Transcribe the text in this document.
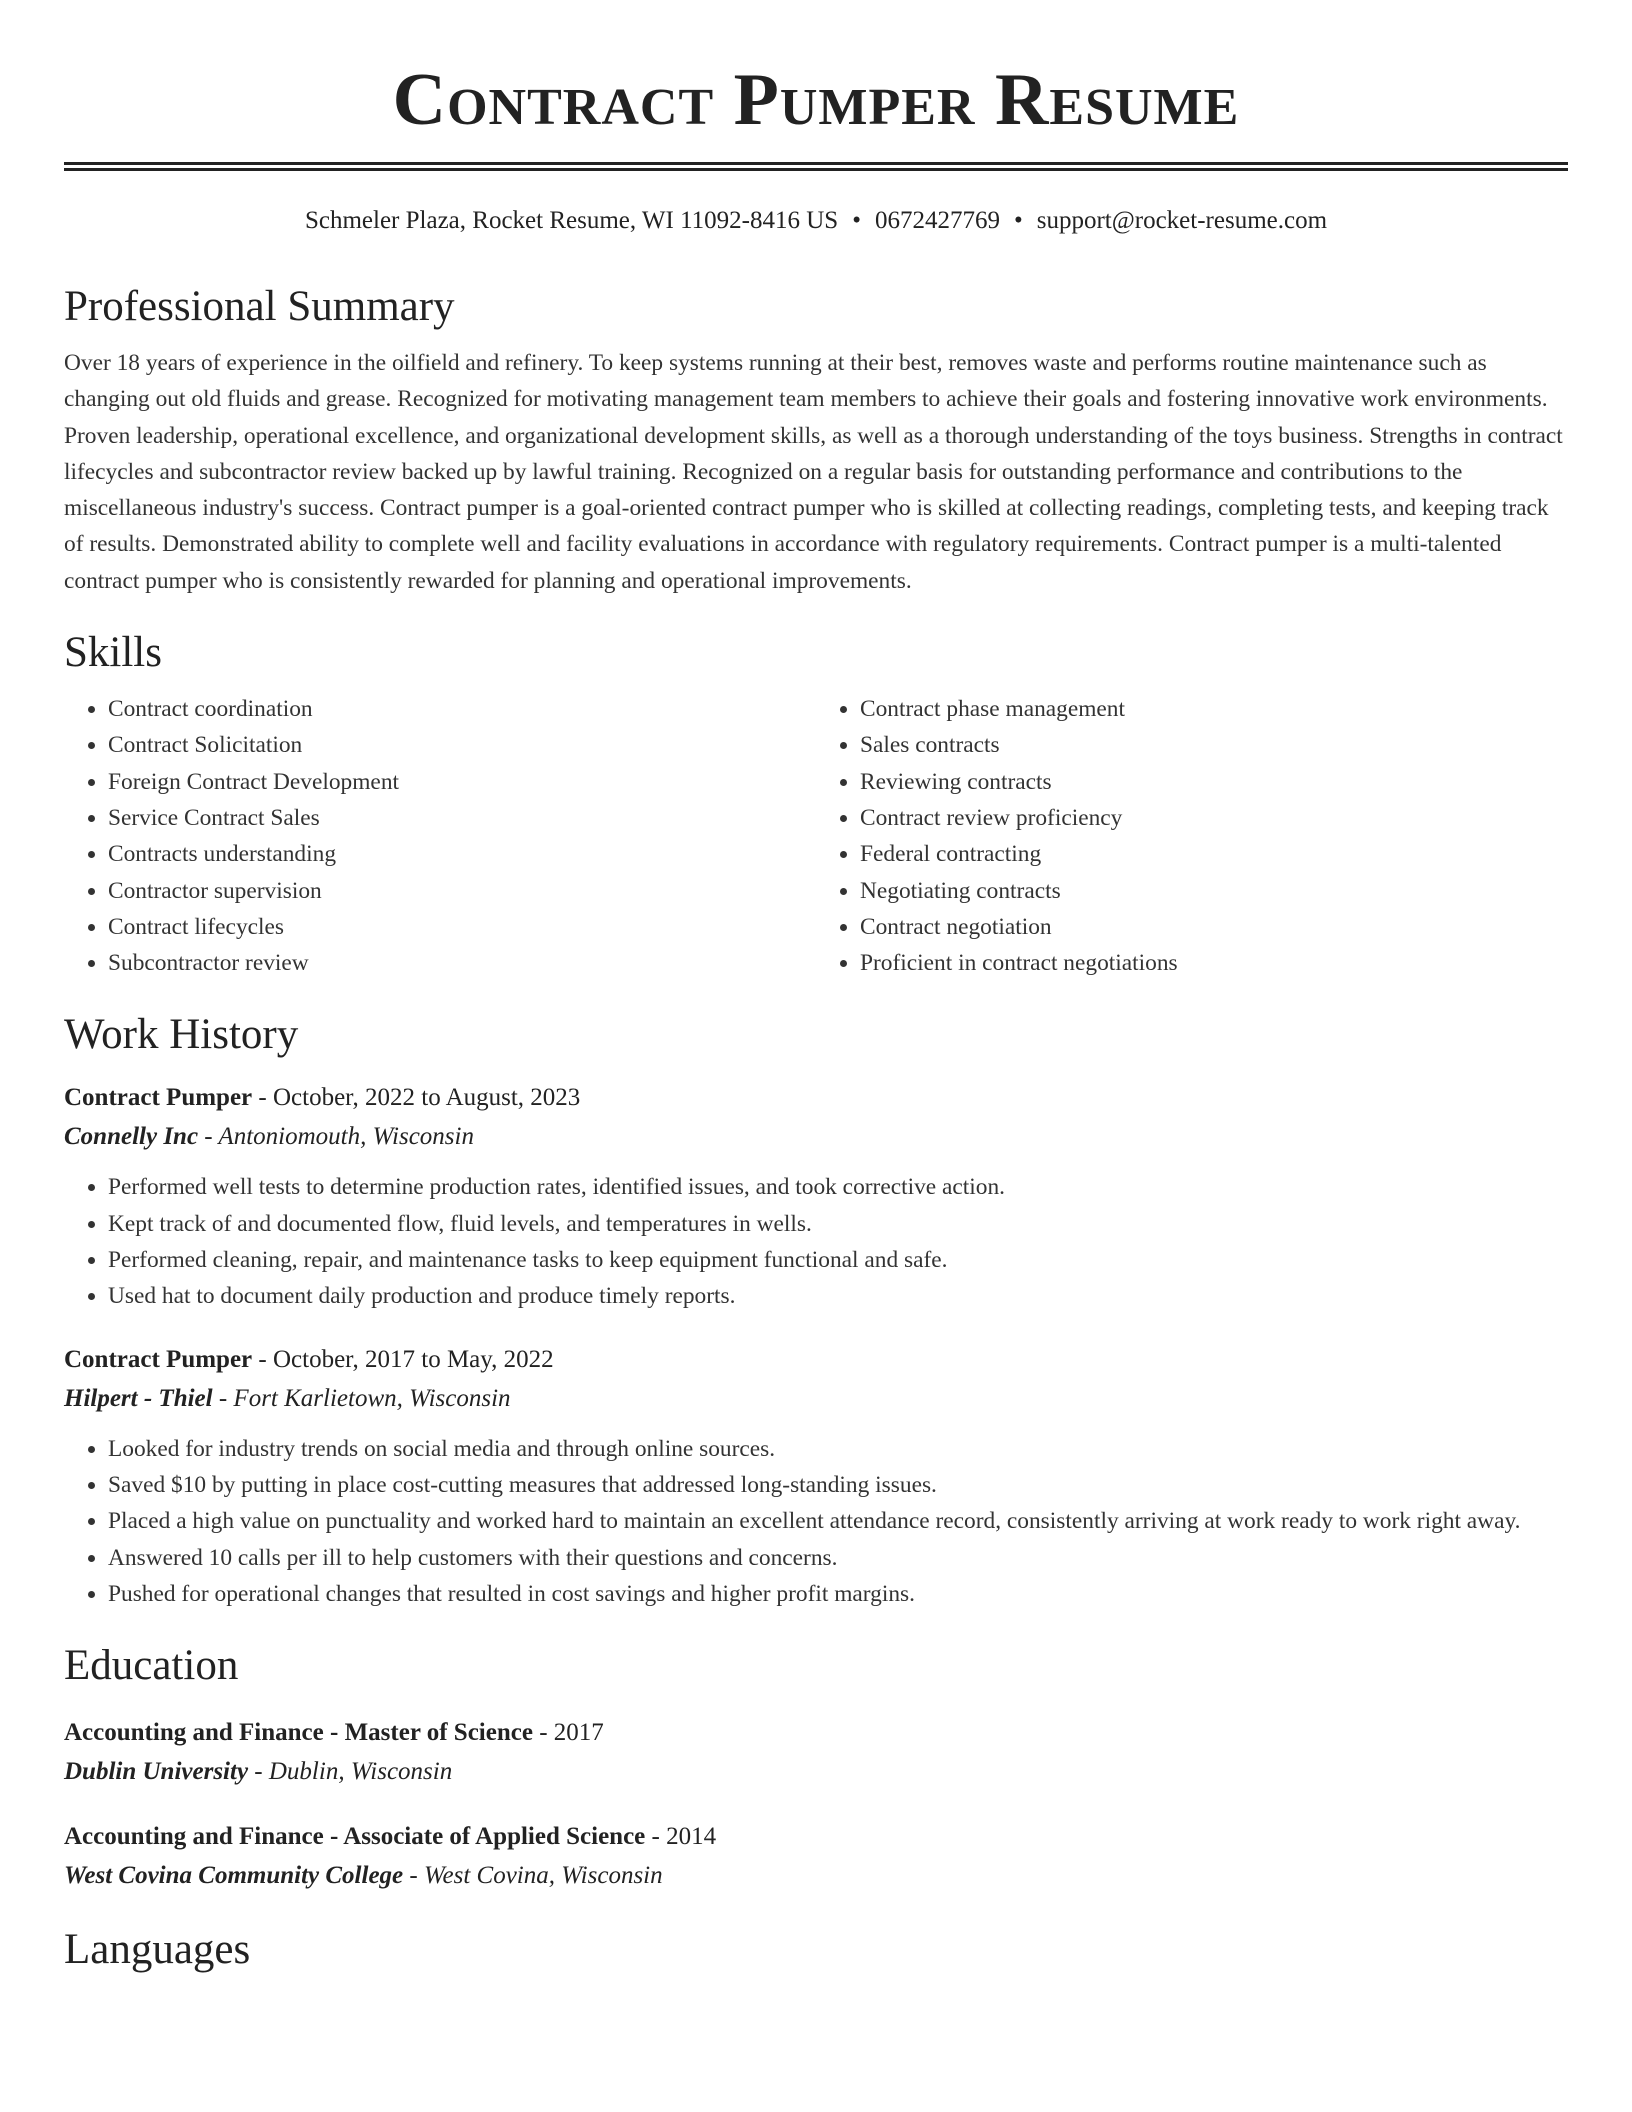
Contract Pumper Resume
Schmeler Plaza, Rocket Resume, WI 11092-8416 US • 0672427769 • support@rocket-resume.com
Professional Summary

Over 18 years of experience in the oilfield and refinery. To keep systems running at their best, removes waste and performs routine maintenance such as changing out old fluids and grease. Recognized for motivating management team members to achieve their goals and fostering innovative work environments. Proven leadership, operational excellence, and organizational development skills, as well as a thorough understanding of the toys business. Strengths in contract lifecycles and subcontractor review backed up by lawful training. Recognized on a regular basis for outstanding performance and contributions to the miscellaneous industry's success. Contract pumper is a goal-oriented contract pumper who is skilled at collecting readings, completing tests, and keeping track of results. Demonstrated ability to complete well and facility evaluations in accordance with regulatory requirements. Contract pumper is a multi-talented contract pumper who is consistently rewarded for planning and operational improvements.

Skills
• Contract coordination
• Contract Solicitation
• Foreign Contract Development
• Service Contract Sales
• Contracts understanding
• Contractor supervision
• Contract lifecycles
• Subcontractor review
• Contract phase management
• Sales contracts
• Reviewing contracts
• Contract review proficiency
• Federal contracting
• Negotiating contracts
• Contract negotiation
• Proficient in contract negotiations
Work History
Contract Pumper - October, 2022 to August, 2023
Connelly Inc - Antoniomouth, Wisconsin
• Performed well tests to determine production rates, identified issues, and took corrective action.
• Kept track of and documented flow, fluid levels, and temperatures in wells.
• Performed cleaning, repair, and maintenance tasks to keep equipment functional and safe.
• Used hat to document daily production and produce timely reports.
Contract Pumper - October, 2017 to May, 2022
Hilpert - Thiel - Fort Karlietown, Wisconsin
• Looked for industry trends on social media and through online sources.
• Saved $10 by putting in place cost-cutting measures that addressed long-standing issues.
• Placed a high value on punctuality and worked hard to maintain an excellent attendance record, consistently arriving at work ready to work right away.
• Answered 10 calls per ill to help customers with their questions and concerns.
• Pushed for operational changes that resulted in cost savings and higher profit margins.
Education
Accounting and Finance - Master of Science - 2017
Dublin University - Dublin, Wisconsin
Accounting and Finance - Associate of Applied Science - 2014
West Covina Community College - West Covina, Wisconsin
Languages
